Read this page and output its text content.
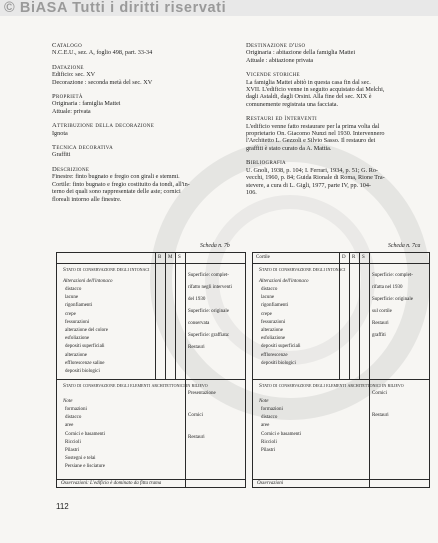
© BiASA Tutti i diritti riservati
Catalogo
N.C.E.U., sez. A, foglio 498, part. 33-34
Datazione
Edificio: sec. XV
Decorazione : seconda metà del sec. XV
Proprietà
Originaria : famiglia Mattei
Attuale: privata
Attribuzione della decorazione
Ignota
Tecnica decorativa
Graffiti
Descrizione
Finestre: finto bugnato e fregio con girali e stemmi.
Cortile: finto bugnato e fregio costituito da tondi, all'in-
terno dei quali sono rappresentate delle aste; cornici
floreali intorno alle finestre.
Destinazione d'uso
Originaria : abitazione della famiglia Mattei
Attuale : abitazione privata
Vicende storiche
La famiglia Mattei abitò in questa casa fin dal sec.
XVII. L'edificio venne in seguito acquistato dai Melchi,
dagli Astaldi, dagli Orsini. Alla fine del sec. XIX è
comunemente registrata una facciata.
Restauri ed ìnterventi
L'edificio venne fatto restaurare per la prima volta dal
proprietario On. Giacomo Nunzi nel 1930. Intervennero
l'Architetto L. Gezzoli e Silvio Sasso. Il restauro dei
graffiti è stato curato da A. Mattia.
Bibliografia
U. Gnoli, 1938, p. 104; I. Ferrari, 1934, p. 51; G. Ro-
vecchi, 1960, p. 84; Guida Rionale di Roma, Rione Tra-
stevere, a cura di L. Gigli, 1977, parte IV, pp. 104-
106.
Scheda n. 7b	Scheda n. 7ca
B M S
Stato di conservazione degli intonaci
Alterazioni dell'intonaco
distacco
lacune
rigonfiamenti
crepe
fessurazioni
alterazione del colore
esfoliazione
depositi superficiali
alterazione
efflorescenze saline
depositi biologici
Superficie: complet-
rifatto negli interventi
del 1930
Superficie: originale
conservata
Superficie: graffiata:
Restauri
Stato di conservazione degli elementi architettonici in rilievo
Note
formazioni
distacco
aree
Cornici e basamenti
Riccioli
Pilastri
Sostegni e telai
Persiane e lisciature
Presentazione
Cornici
Restauri
Osservazioni: L'edificio è dominato da fitta trama
Cortile	D R S
Stato di conservazione degli intonaci
Alterazioni dell'intonaco
distacco
lacune
rigonfiamenti
crepe
fessurazioni
alterazione
esfoliazione
depositi superficiali
efflorescenze
depositi biologici
Superficie: complet-
rifatta nel 1930
Superficie: originale
sul cortile
Restauri
graffiti
Stato di conservazione degli elementi architettonici in rilievo
Note
formazioni
distacco
aree
Cornici e basamenti
Riccioli
Pilastri
Cornici
Restauri
Osservazioni
112
